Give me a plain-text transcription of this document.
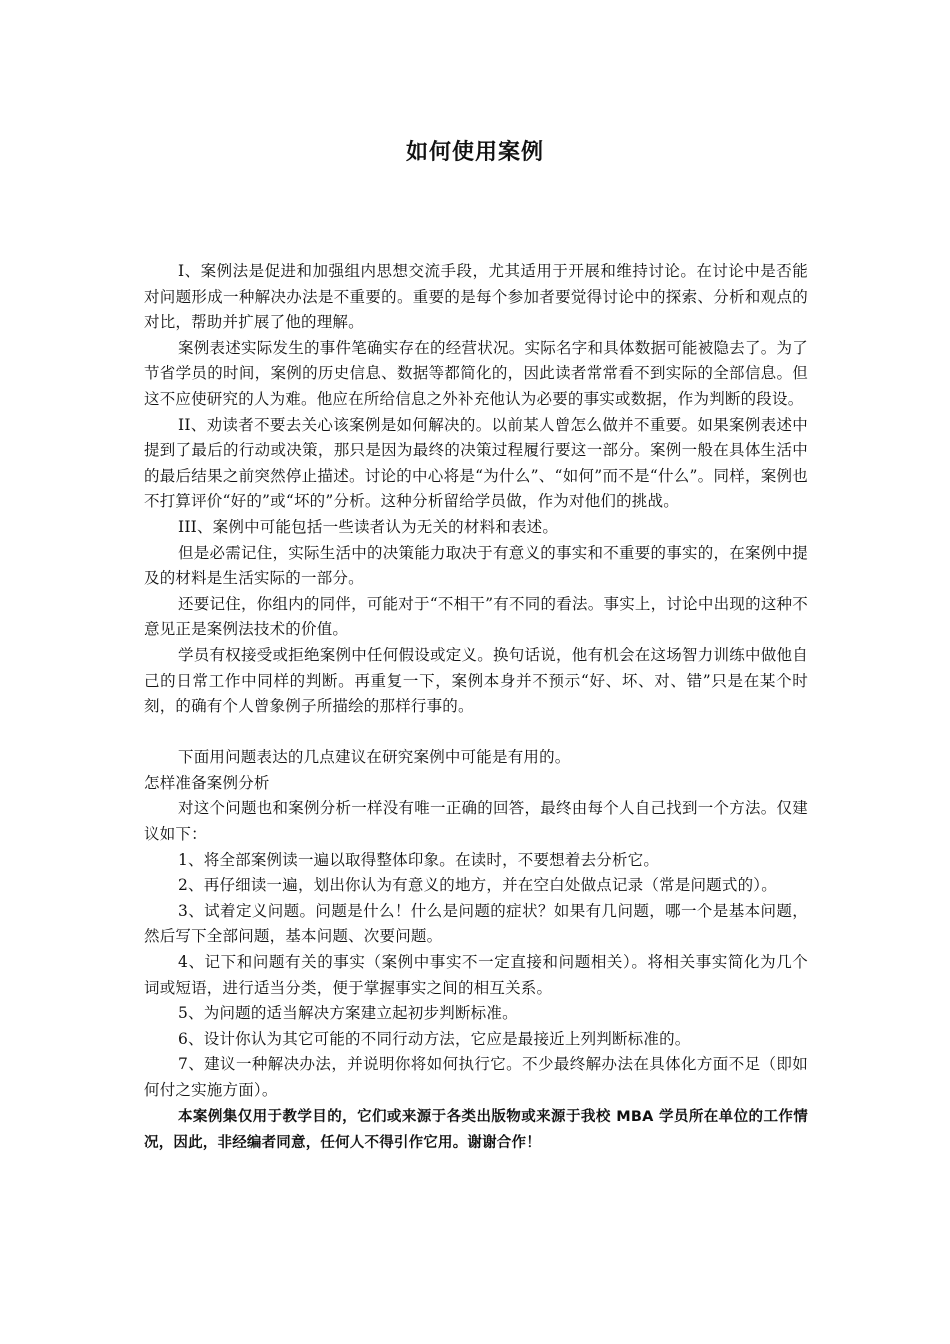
如何使用案例

I、案例法是促进和加强组内思想交流手段，尤其适用于开展和维持讨论。在讨论中是否能对问题形成一种解决办法是不重要的。重要的是每个参加者要觉得讨论中的探索、分析和观点的对比，帮助并扩展了他的理解。

案例表述实际发生的事件笔确实存在的经营状况。实际名字和具体数据可能被隐去了。为了节省学员的时间，案例的历史信息、数据等都简化的，因此读者常常看不到实际的全部信息。但这不应使研究的人为难。他应在所给信息之外补充他认为必要的事实或数据，作为判断的段设。

II、劝读者不要去关心该案例是如何解决的。以前某人曾怎么做并不重要。如果案例表述中提到了最后的行动或决策，那只是因为最终的决策过程履行要这一部分。案例一般在具体生活中的最后结果之前突然停止描述。讨论的中心将是“为什么”、“如何”而不是“什么”。同样，案例也不打算评价“好的”或“坏的”分析。这种分析留给学员做，作为对他们的挑战。

III、案例中可能包括一些读者认为无关的材料和表述。

但是必需记住，实际生活中的决策能力取决于有意义的事实和不重要的事实的，在案例中提及的材料是生活实际的一部分。

还要记住，你组内的同伴，可能对于“不相干”有不同的看法。事实上，讨论中出现的这种不意见正是案例法技术的价值。

学员有权接受或拒绝案例中任何假设或定义。换句话说，他有机会在这场智力训练中做他自己的日常工作中同样的判断。再重复一下，案例本身并不预示“好、坏、对、错”只是在某个时刻，的确有个人曾象例子所描绘的那样行事的。

下面用问题表达的几点建议在研究案例中可能是有用的。

怎样准备案例分析

对这个问题也和案例分析一样没有唯一正确的回答，最终由每个人自己找到一个方法。仅建议如下：

1、将全部案例读一遍以取得整体印象。在读时，不要想着去分析它。

2、再仔细读一遍，划出你认为有意义的地方，并在空白处做点记录（常是问题式的）。

3、试着定义问题。问题是什么！什么是问题的症状？如果有几问题，哪一个是基本问题，然后写下全部问题，基本问题、次要问题。

4、记下和问题有关的事实（案例中事实不一定直接和问题相关）。将相关事实简化为几个词或短语，进行适当分类，便于掌握事实之间的相互关系。

5、为问题的适当解决方案建立起初步判断标准。

6、设计你认为其它可能的不同行动方法，它应是最接近上列判断标准的。

7、建议一种解决办法，并说明你将如何执行它。不少最终解办法在具体化方面不足（即如何付之实施方面）。

本案例集仅用于教学目的，它们或来源于各类出版物或来源于我校 MBA 学员所在单位的工作情况，因此，非经编者同意，任何人不得引作它用。谢谢合作！
